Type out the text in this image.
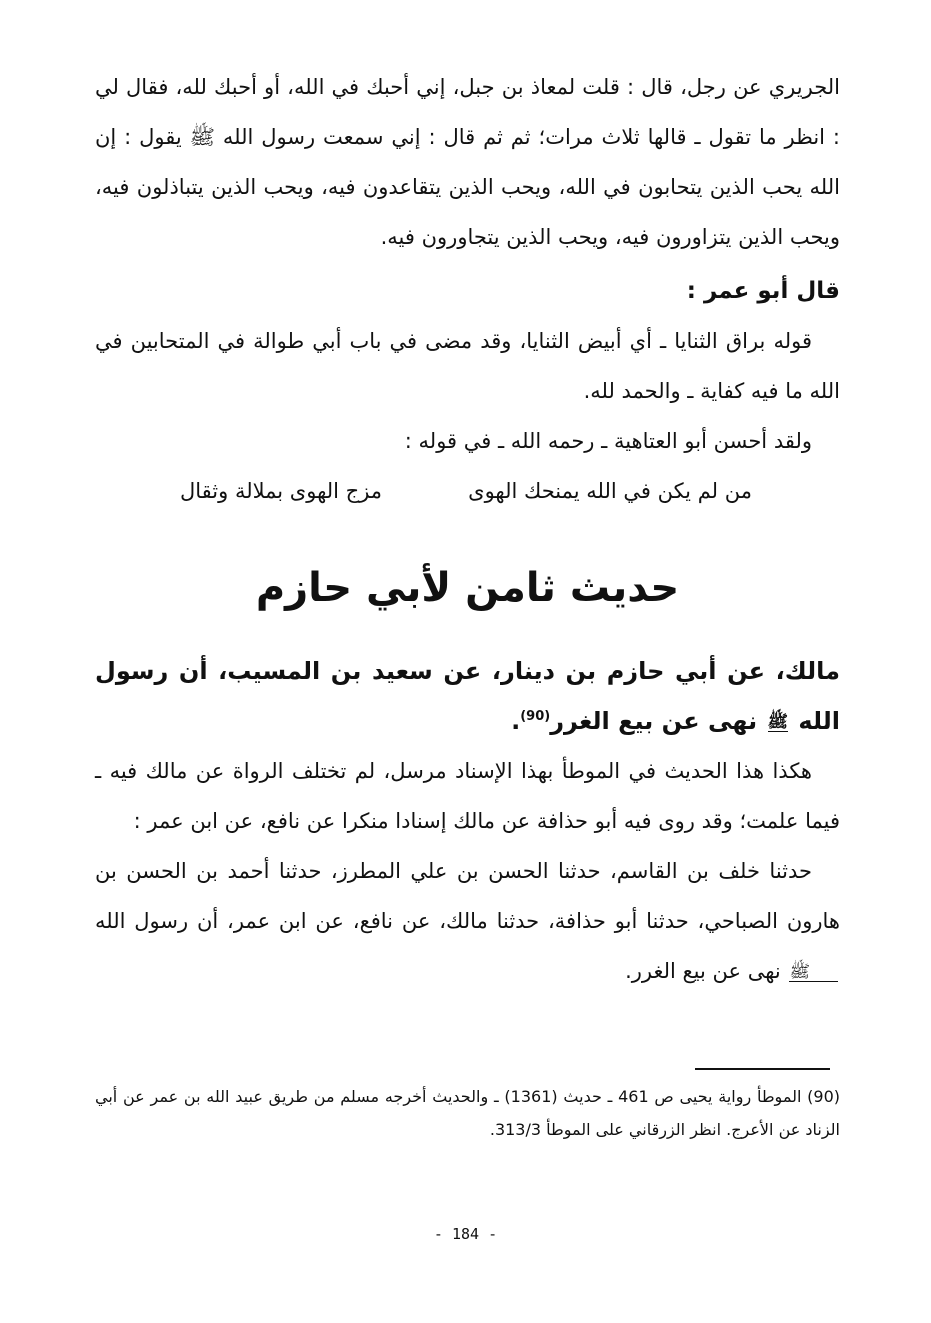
الجريري عن رجل، قال : قلت لمعاذ بن جبل، إني أحبك في الله، أو أحبك لله، فقال لي : انظر ما تقول ـ قالها ثلاث مرات؛ ثم ثم قال : إني سمعت رسول الله ﷺ يقول : إن الله يحب الذين يتحابون في الله، ويحب الذين يتقاعدون فيه، ويحب الذين يتباذلون فيه، ويحب الذين يتزاورون فيه، ويحب الذين يتجاورون فيه.

قال أبو عمر :

قوله براق الثنايا ـ أي أبيض الثنايا، وقد مضى في باب أبي طوالة في المتحابين في الله ما فيه كفاية ـ والحمد لله.

ولقد أحسن أبو العتاهية ـ رحمه الله ـ في قوله :

من لم يكن في الله يمنحك الهوى
مزج الهوى بملالة وثقال
حديث ثامن لأبي حازم

مالك، عن أبي حازم بن دينار، عن سعيد بن المسيب، أن رسول الله ﷺ نهى عن بيع الغرر$^{(90)}$.

هكذا هذا الحديث في الموطأ بهذا الإسناد مرسل، لم تختلف الرواة عن مالك فيه ـ فيما علمت؛ وقد روى فيه أبو حذافة عن مالك إسنادا منكرا عن نافع، عن ابن عمر :

حدثنا خلف بن القاسم، حدثنا الحسن بن علي المطرز، حدثنا أحمد بن الحسن بن هارون الصباحي، حدثنا أبو حذافة، حدثنا مالك، عن نافع، عن ابن عمر، أن رسول الله ﷺ نهى عن بيع الغرر.

(90) الموطأ رواية يحيى ص 461 ـ حديث (1361) ـ والحديث أخرجه مسلم من طريق عبيد الله بن عمر عن أبي الزناد عن الأعرج. انظر الزرقاني على الموطأ 313/3.
- 184 -
